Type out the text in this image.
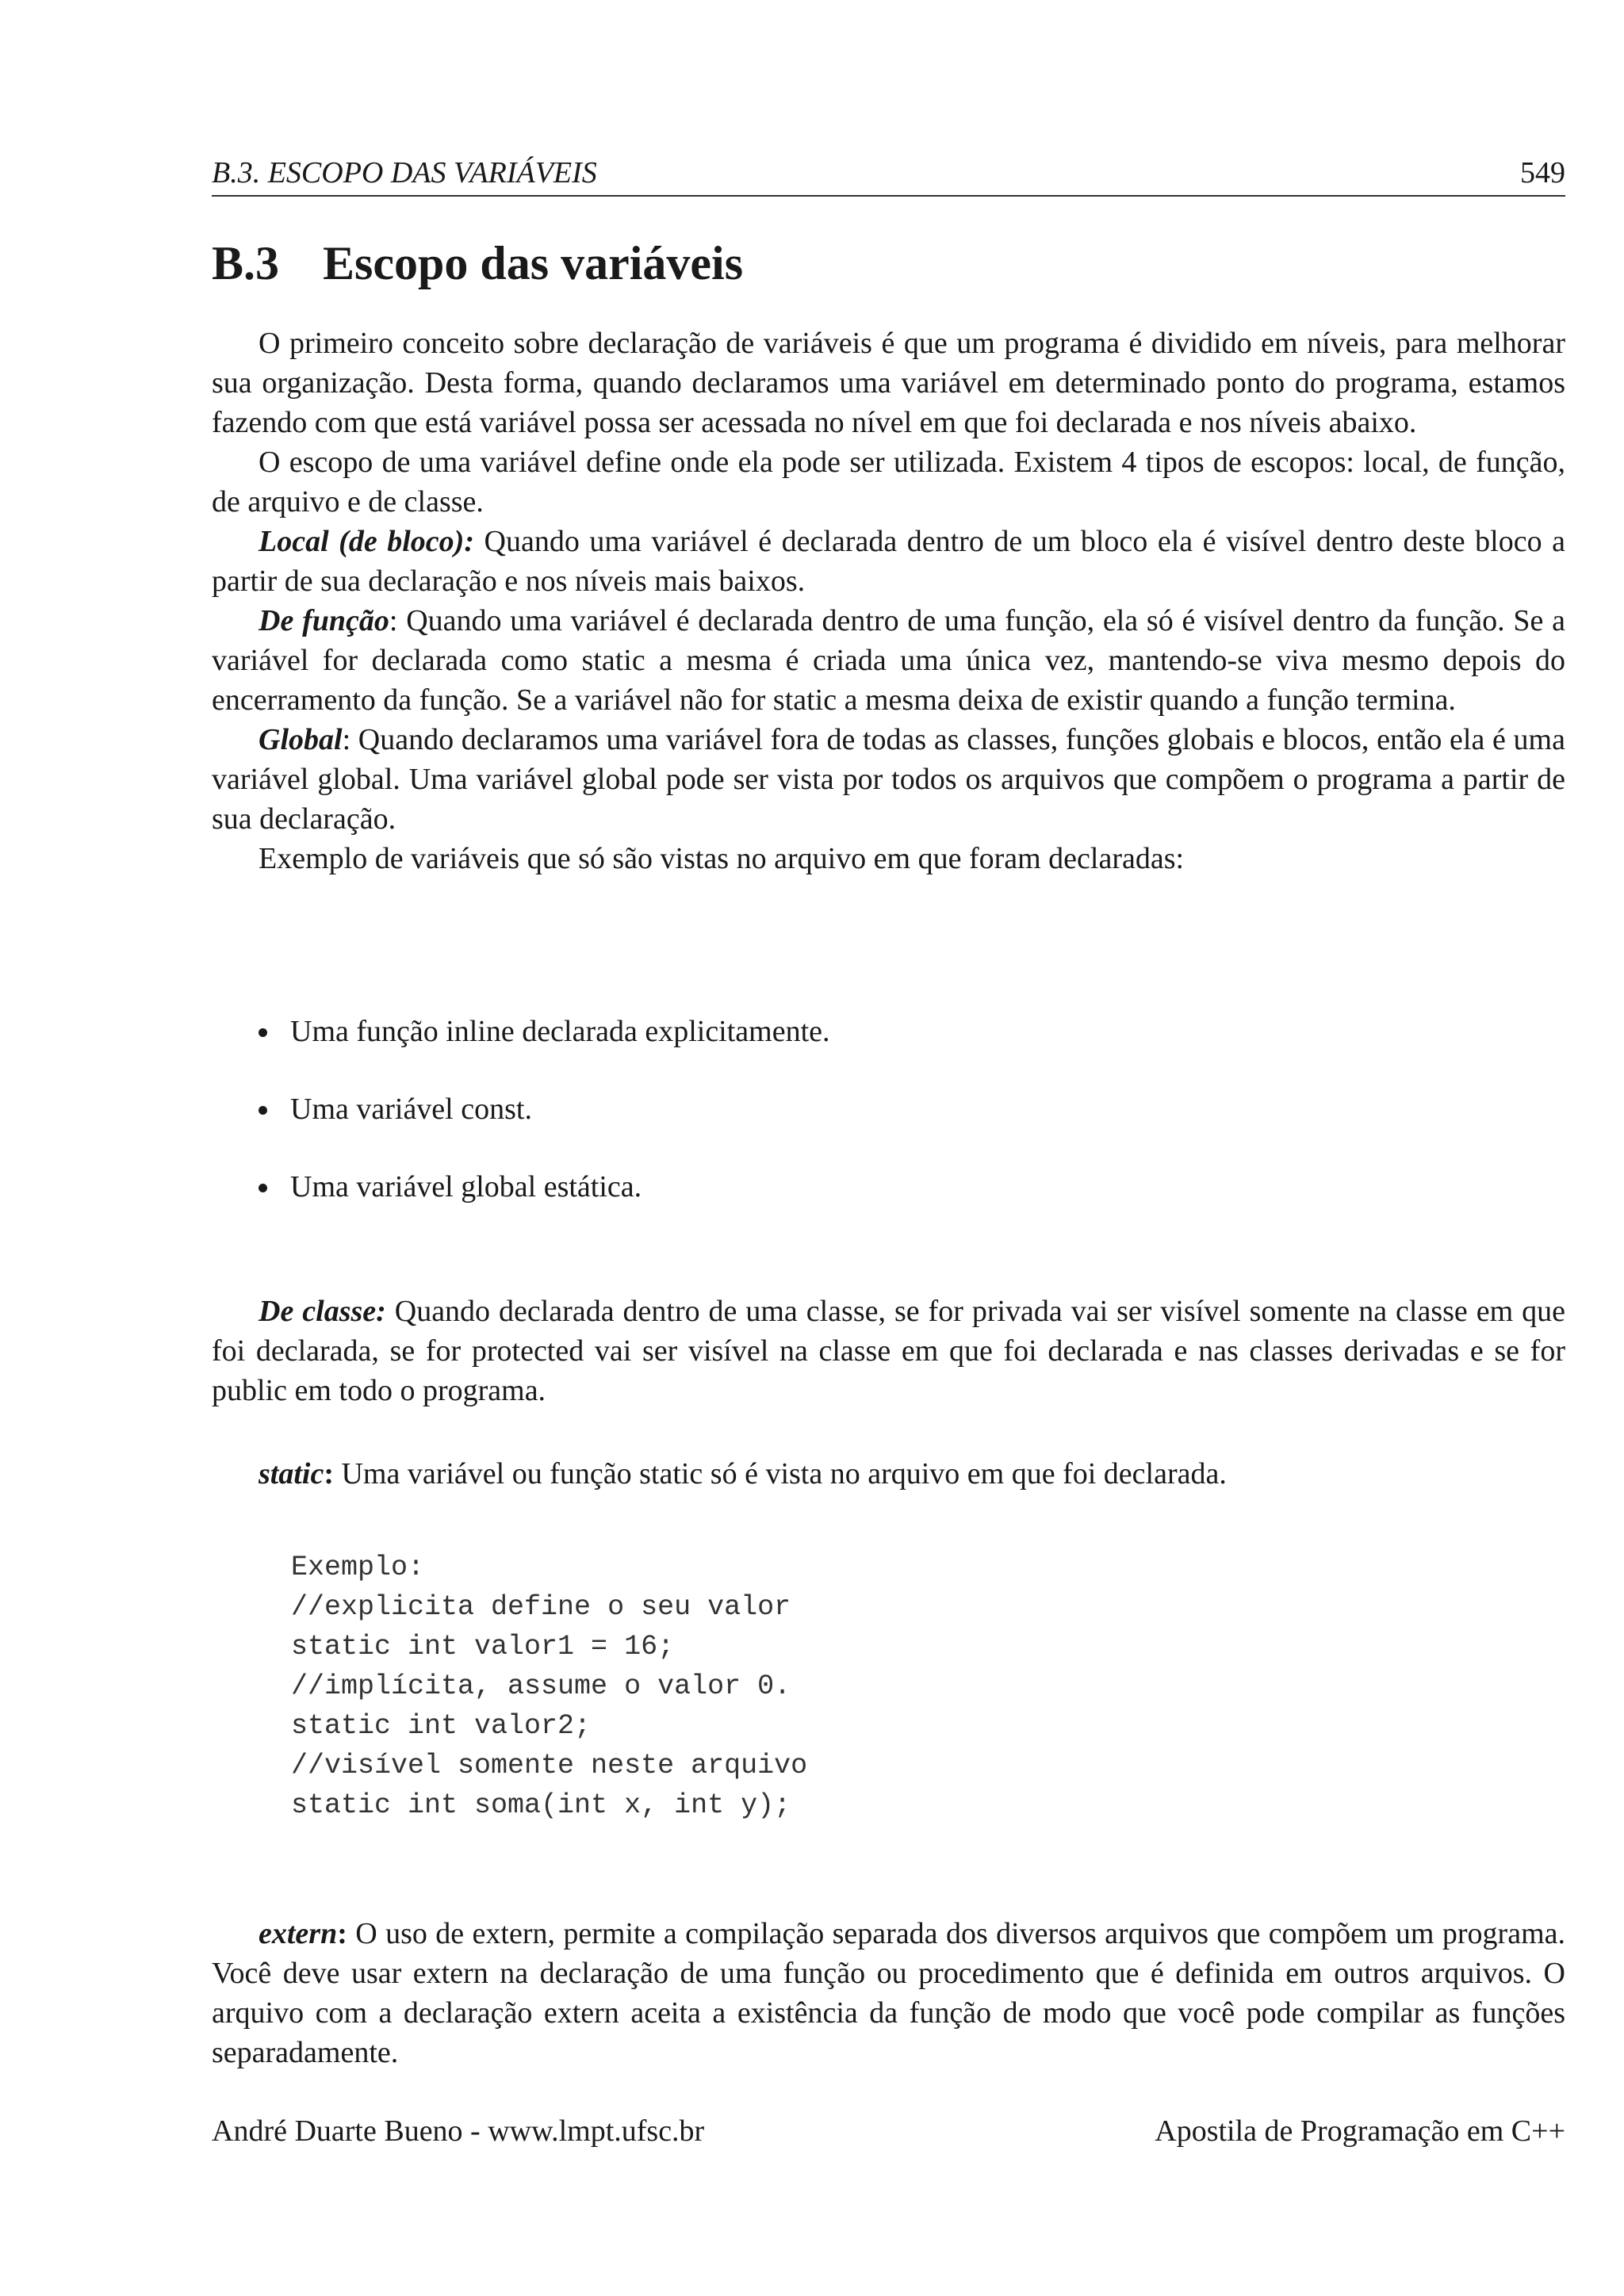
B.3. ESCOPO DAS VARIÁVEIS	549
B.3 Escopo das variáveis

O primeiro conceito sobre declaração de variáveis é que um programa é dividido em níveis, para melhorar sua organização. Desta forma, quando declaramos uma variável em determinado ponto do programa, estamos fazendo com que está variável possa ser acessada no nível em que foi declarada e nos níveis abaixo.

O escopo de uma variável define onde ela pode ser utilizada. Existem 4 tipos de escopos: local, de função, de arquivo e de classe.

Local (de bloco): Quando uma variável é declarada dentro de um bloco ela é visível dentro deste bloco a partir de sua declaração e nos níveis mais baixos.

De função: Quando uma variável é declarada dentro de uma função, ela só é visível dentro da função. Se a variável for declarada como static a mesma é criada uma única vez, mantendo-se viva mesmo depois do encerramento da função. Se a variável não for static a mesma deixa de existir quando a função termina.

Global: Quando declaramos uma variável fora de todas as classes, funções globais e blocos, então ela é uma variável global. Uma variável global pode ser vista por todos os arquivos que compõem o programa a partir de sua declaração.

Exemplo de variáveis que só são vistas no arquivo em que foram declaradas:

Uma função inline declarada explicitamente.
Uma variável const.
Uma variável global estática.

De classe: Quando declarada dentro de uma classe, se for privada vai ser visível somente na classe em que foi declarada, se for protected vai ser visível na classe em que foi declarada e nas classes derivadas e se for public em todo o programa.

static: Uma variável ou função static só é vista no arquivo em que foi declarada.

Exemplo:
//explicita define o seu valor
static int valor1 = 16;
//implícita, assume o valor 0.
static int valor2;
//visível somente neste arquivo
static int soma(int x, int y);

extern: O uso de extern, permite a compilação separada dos diversos arquivos que compõem um programa. Você deve usar extern na declaração de uma função ou procedimento que é definida em outros arquivos. O arquivo com a declaração extern aceita a existência da função de modo que você pode compilar as funções separadamente.

André Duarte Bueno - www.lmpt.ufsc.br	Apostila de Programação em C++
